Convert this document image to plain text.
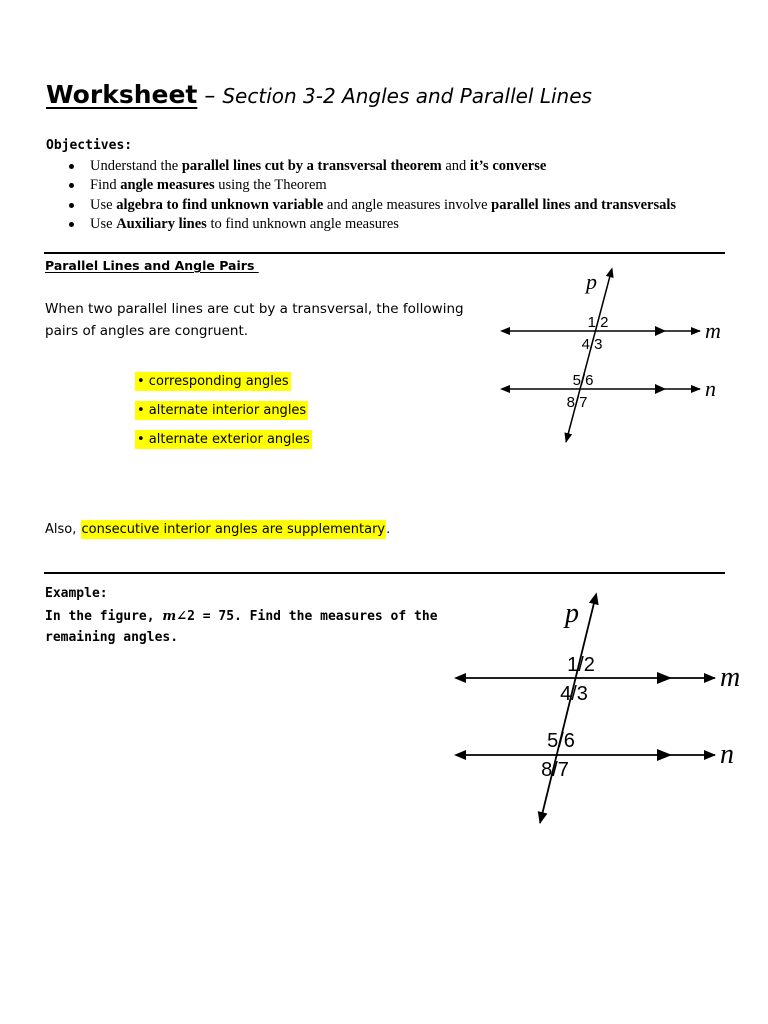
Worksheet – Section 3-2 Angles and Parallel Lines
Objectives:
Understand the parallel lines cut by a transversal theorem and it’s converse
Find angle measures using the Theorem
Use algebra to find unknown variable and angle measures involve parallel lines and transversals
Use Auxiliary lines to find unknown angle measures
Parallel Lines and Angle Pairs
When two parallel lines are cut by a transversal, the following pairs of angles are congruent.
• corresponding angles
• alternate interior angles
• alternate exterior angles
Also, consecutive interior angles are supplementary.
p
m
n
1/2
4/3
5/6
8/7
Example:
In the figure, m∠2 = 75. Find the measures of the remaining angles.
p
m
n
1/2
4/3
5/6
8/7
